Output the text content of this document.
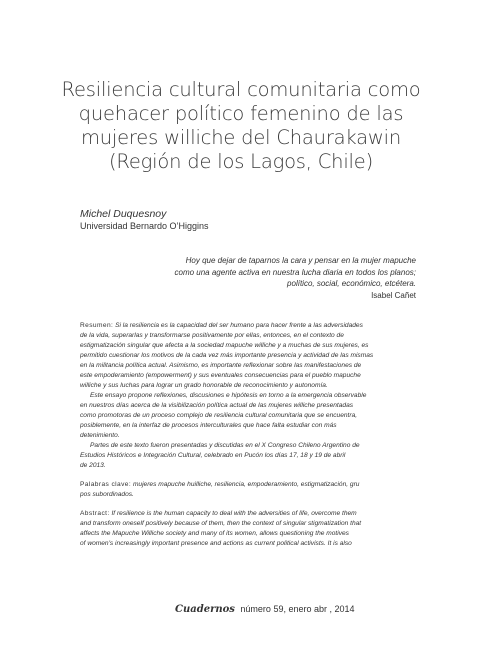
Resiliencia cultural comunitaria como
quehacer político femenino de las
mujeres williche del Chaurakawin
(Región de los Lagos, Chile)
Michel Duquesnoy
Universidad Bernardo O’Higgins
Hoy que dejar de taparnos la cara y pensar en la mujer mapuche
como una agente activa en nuestra lucha diaria en todos los planos;
político, social, económico, etcétera.
Isabel Cañet
Resumen: Si la resiliencia es la capacidad del ser humano para hacer frente a las adversidades
de la vida, superarlas y transformarse positivamente por ellas, entonces, en el contexto de
estigmatización singular que afecta a la sociedad mapuche williche y a muchas de sus mujeres, es
permitido cuestionar los motivos de la cada vez más importante presencia y actividad de las mismas
en la militancia política actual. Asimismo, es importante reflexionar sobre las manifestaciones de
este empoderamiento (empowerment) y sus eventuales consecuencias para el pueblo mapuche
williche y sus luchas para lograr un grado honorable de reconocimiento y autonomía.
Este ensayo propone reflexiones, discusiones e hipótesis en torno a la emergencia observable
en nuestros días acerca de la visibilización política actual de las mujeres williche presentadas
como promotoras de un proceso complejo de resiliencia cultural comunitaria que se encuentra,
posiblemente, en la interfaz de procesos interculturales que hace falta estudiar con más
detenimiento.
Partes de este texto fueron presentadas y discutidas en el X Congreso Chileno Argentino de
Estudios Históricos e Integración Cultural, celebrado en Pucón los días 17, 18 y 19 de abril
de 2013.
Palabras clave: mujeres mapuche huilliche, resiliencia, empoderamiento, estigmatización, gru
pos subordinados.
Abstract: If resilience is the human capacity to deal with the adversities of life, overcome them
and transform oneself positively because of them, then the context of singular stigmatization that
affects the Mapuche Williche society and many of its women, allows questioning the motives
of women’s increasingly important presence and actions as current political activists. It is also
Cuadernos número 59, enero abr , 2014
